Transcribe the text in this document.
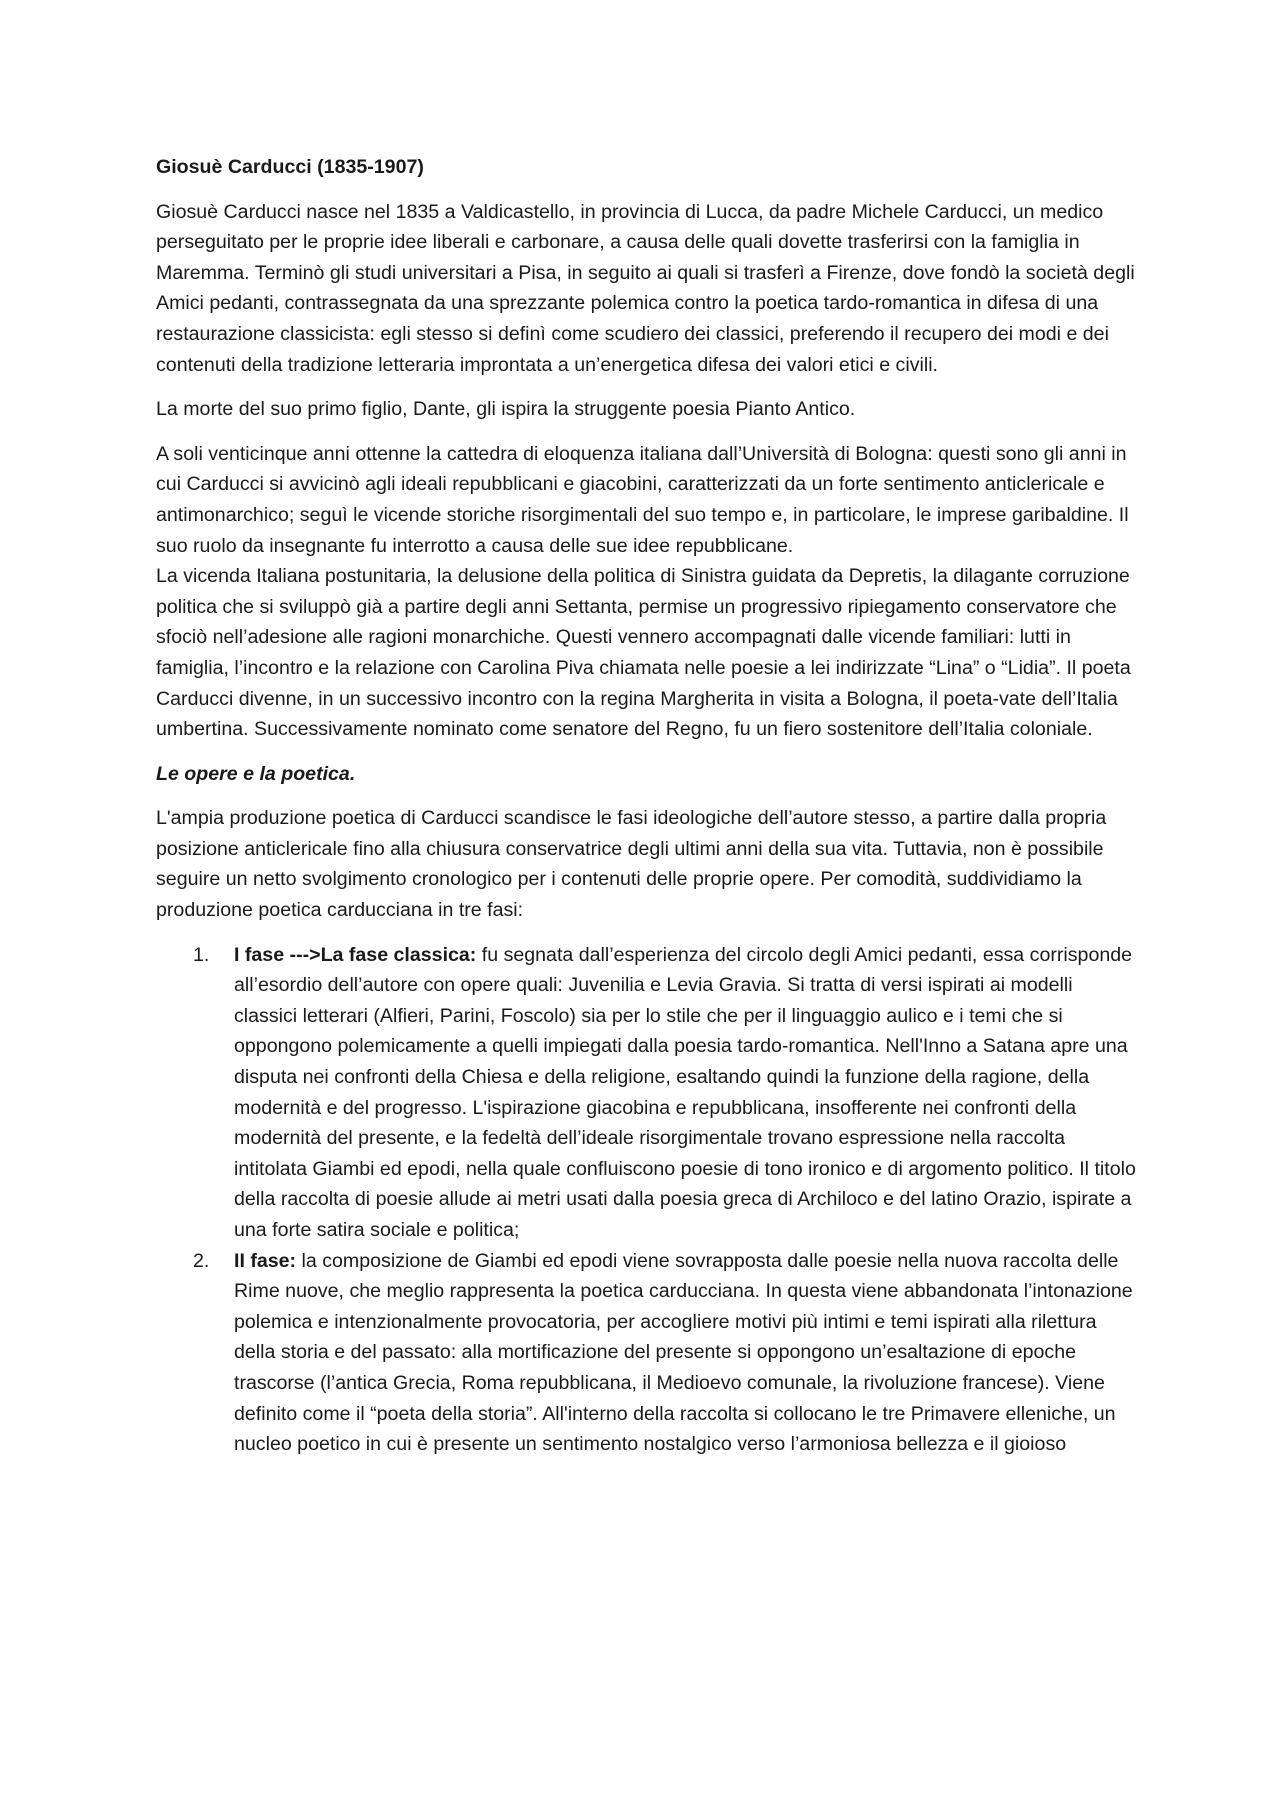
Giosuè Carducci (1835-1907)

Giosuè Carducci nasce nel 1835 a Valdicastello, in provincia di Lucca, da padre Michele Carducci, un medico perseguitato per le proprie idee liberali e carbonare, a causa delle quali dovette trasferirsi con la famiglia in Maremma. Terminò gli studi universitari a Pisa, in seguito ai quali si trasferì a Firenze, dove fondò la società degli Amici pedanti, contrassegnata da una sprezzante polemica contro la poetica tardo-romantica in difesa di una restaurazione classicista: egli stesso si definì come scudiero dei classici, preferendo il recupero dei modi e dei contenuti della tradizione letteraria improntata a un’energetica difesa dei valori etici e civili.

La morte del suo primo figlio, Dante, gli ispira la struggente poesia Pianto Antico.

A soli venticinque anni ottenne la cattedra di eloquenza italiana dall’Università di Bologna: questi sono gli anni in cui Carducci si avvicinò agli ideali repubblicani e giacobini, caratterizzati da un forte sentimento anticlericale e antimonarchico; seguì le vicende storiche risorgimentali del suo tempo e, in particolare, le imprese garibaldine. Il suo ruolo da insegnante fu interrotto a causa delle sue idee repubblicane.

La vicenda Italiana postunitaria, la delusione della politica di Sinistra guidata da Depretis, la dilagante corruzione politica che si sviluppò già a partire degli anni Settanta, permise un progressivo ripiegamento conservatore che sfociò nell’adesione alle ragioni monarchiche. Questi vennero accompagnati dalle vicende familiari: lutti in famiglia, l’incontro e la relazione con Carolina Piva chiamata nelle poesie a lei indirizzate “Lina” o “Lidia”. Il poeta Carducci divenne, in un successivo incontro con la regina Margherita in visita a Bologna, il poeta-vate dell’Italia umbertina. Successivamente nominato come senatore del Regno, fu un fiero sostenitore dell’Italia coloniale.

Le opere e la poetica.

L'ampia produzione poetica di Carducci scandisce le fasi ideologiche dell’autore stesso, a partire dalla propria posizione anticlericale fino alla chiusura conservatrice degli ultimi anni della sua vita. Tuttavia, non è possibile seguire un netto svolgimento cronologico per i contenuti delle proprie opere. Per comodità, suddividiamo la produzione poetica carducciana in tre fasi:

1. I fase --->La fase classica: fu segnata dall’esperienza del circolo degli Amici pedanti, essa corrisponde all’esordio dell’autore con opere quali: Juvenilia e Levia Gravia. Si tratta di versi ispirati ai modelli classici letterari (Alfieri, Parini, Foscolo) sia per lo stile che per il linguaggio aulico e i temi che si oppongono polemicamente a quelli impiegati dalla poesia tardo-romantica. Nell'Inno a Satana apre una disputa nei confronti della Chiesa e della religione, esaltando quindi la funzione della ragione, della modernità e del progresso. L'ispirazione giacobina e repubblicana, insofferente nei confronti della modernità del presente, e la fedeltà dell’ideale risorgimentale trovano espressione nella raccolta intitolata Giambi ed epodi, nella quale confluiscono poesie di tono ironico e di argomento politico. Il titolo della raccolta di poesie allude ai metri usati dalla poesia greca di Archiloco e del latino Orazio, ispirate a una forte satira sociale e politica;
2. II fase: la composizione de Giambi ed epodi viene sovrapposta dalle poesie nella nuova raccolta delle Rime nuove, che meglio rappresenta la poetica carducciana. In questa viene abbandonata l’intonazione polemica e intenzionalmente provocatoria, per accogliere motivi più intimi e temi ispirati alla rilettura della storia e del passato: alla mortificazione del presente si oppongono un’esaltazione di epoche trascorse (l’antica Grecia, Roma repubblicana, il Medioevo comunale, la rivoluzione francese). Viene definito come il “poeta della storia”. All'interno della raccolta si collocano le tre Primavere elleniche, un nucleo poetico in cui è presente un sentimento nostalgico verso l’armoniosa bellezza e il gioioso
